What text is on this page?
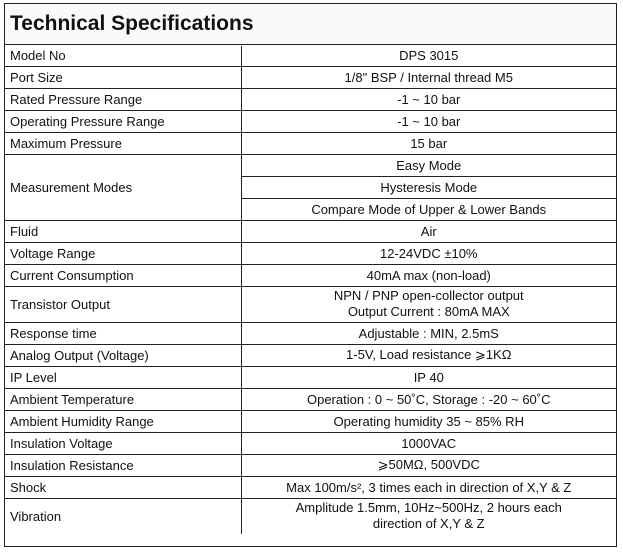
Technical Specifications
Model No	DPS 3015
Port Size	1/8" BSP / Internal thread M5
Rated Pressure Range	-1 ~ 10 bar
Operating Pressure Range	-1 ~ 10 bar
Maximum Pressure	15 bar
Measurement Modes	Easy Mode
	Hysteresis Mode
	Compare Mode of Upper & Lower Bands
Fluid	Air
Voltage Range	12-24VDC ±10%
Current Consumption	40mA max (non-load)
Transistor Output	NPN / PNP open-collector output
Output Current : 80mA MAX

Response time	Adjustable : MIN, 2.5mS
Analog Output (Voltage)	1-5V, Load resistance ⩾1KΩ
IP Level	IP 40
Ambient Temperature	Operation : 0 ~ 50˚C, Storage : -20 ~ 60˚C
Ambient Humidity Range	Operating humidity 35 ~ 85% RH
Insulation Voltage	1000VAC
Insulation Resistance	⩾50MΩ, 500VDC
Shock	Max 100m/s², 3 times each in direction of X,Y & Z
Vibration	Amplitude 1.5mm, 10Hz~500Hz, 2 hours each
direction of X,Y & Z
